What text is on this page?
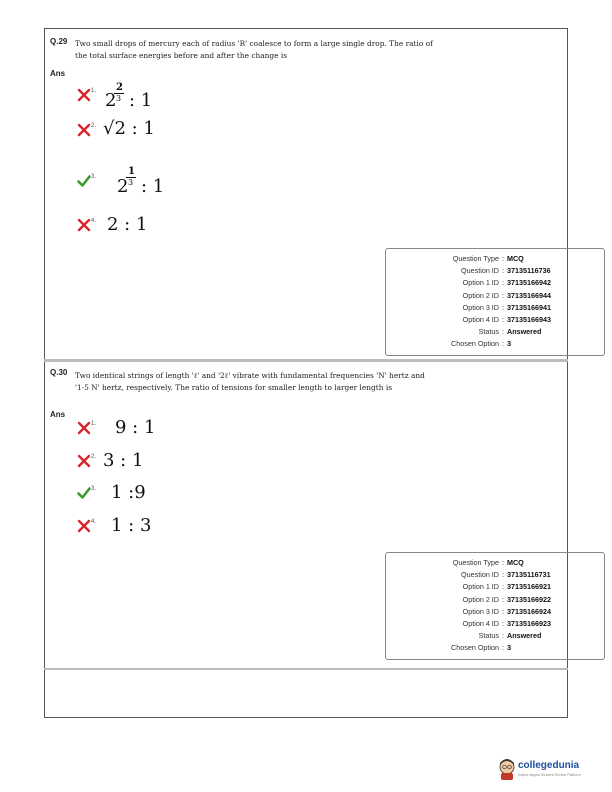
Q.29 Two small drops of mercury each of radius 'R' coalesce to form a large single drop. The ratio of the total surface energies before and after the change is
Ans
1. 2
2 3 : 1
2. √2 : 1
3.	1
2 3 : 1
4. 2 : 1
Question Type : MCQ
Question ID : 37135116736
Option 1 ID : 37135166942
Option 2 ID : 37135166944
Option 3 ID : 37135166941
Option 4 ID : 37135166943
Status : Answered
Chosen Option : 3
Q.30 Two identical strings of length 'ℓ' and '2ℓ' vibrate with fundamental frequencies 'N' hertz and '1·5 N' hertz, respectively. The ratio of tensions for smaller length to larger length is
Ans
1. 9 : 1
2. 3 : 1
3. 1 :9
4. 1 : 3
Question Type : MCQ
Question ID : 37135116731
Option 1 ID : 37135166921
Option 2 ID : 37135166922
Option 3 ID : 37135166924
Option 4 ID : 37135166923
Status : Answered
Chosen Option : 3
collegedunia
India's largest Student Review Platform
